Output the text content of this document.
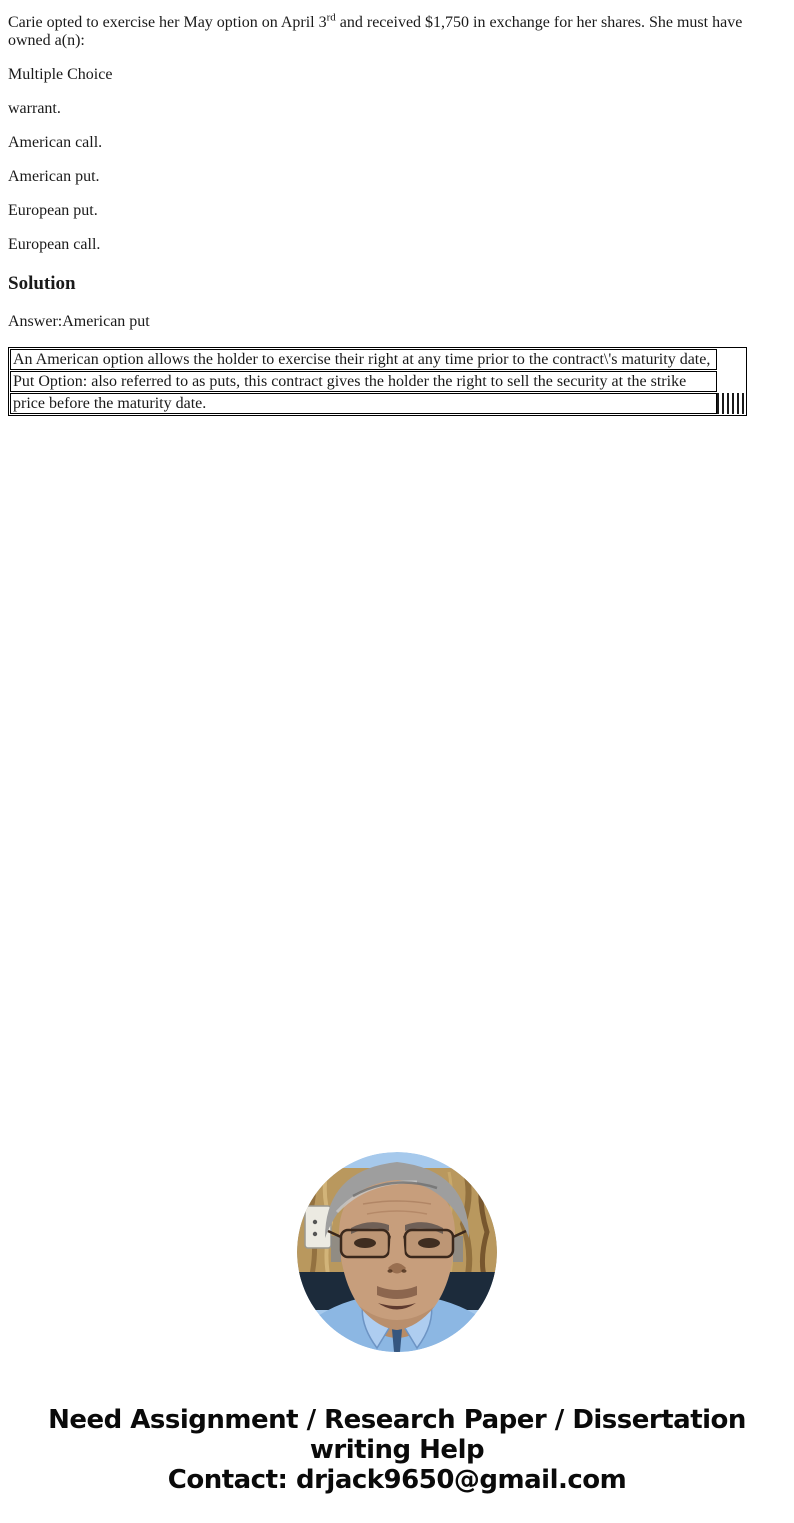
Carie opted to exercise her May option on April 3rd and received $1,750 in exchange for her shares. She must have owned a(n):

Multiple Choice

warrant.

American call.

American put.

European put.

European call.

Solution

Answer:American put

An American option allows the holder to exercise their right at any time prior to the contract\'s maturity date,
Put Option: also referred to as puts, this contract gives the holder the right to sell the security at the strike
price before the maturity date.
Need Assignment / Research Paper / Dissertation writing Help
Contact: drjack9650@gmail.com
